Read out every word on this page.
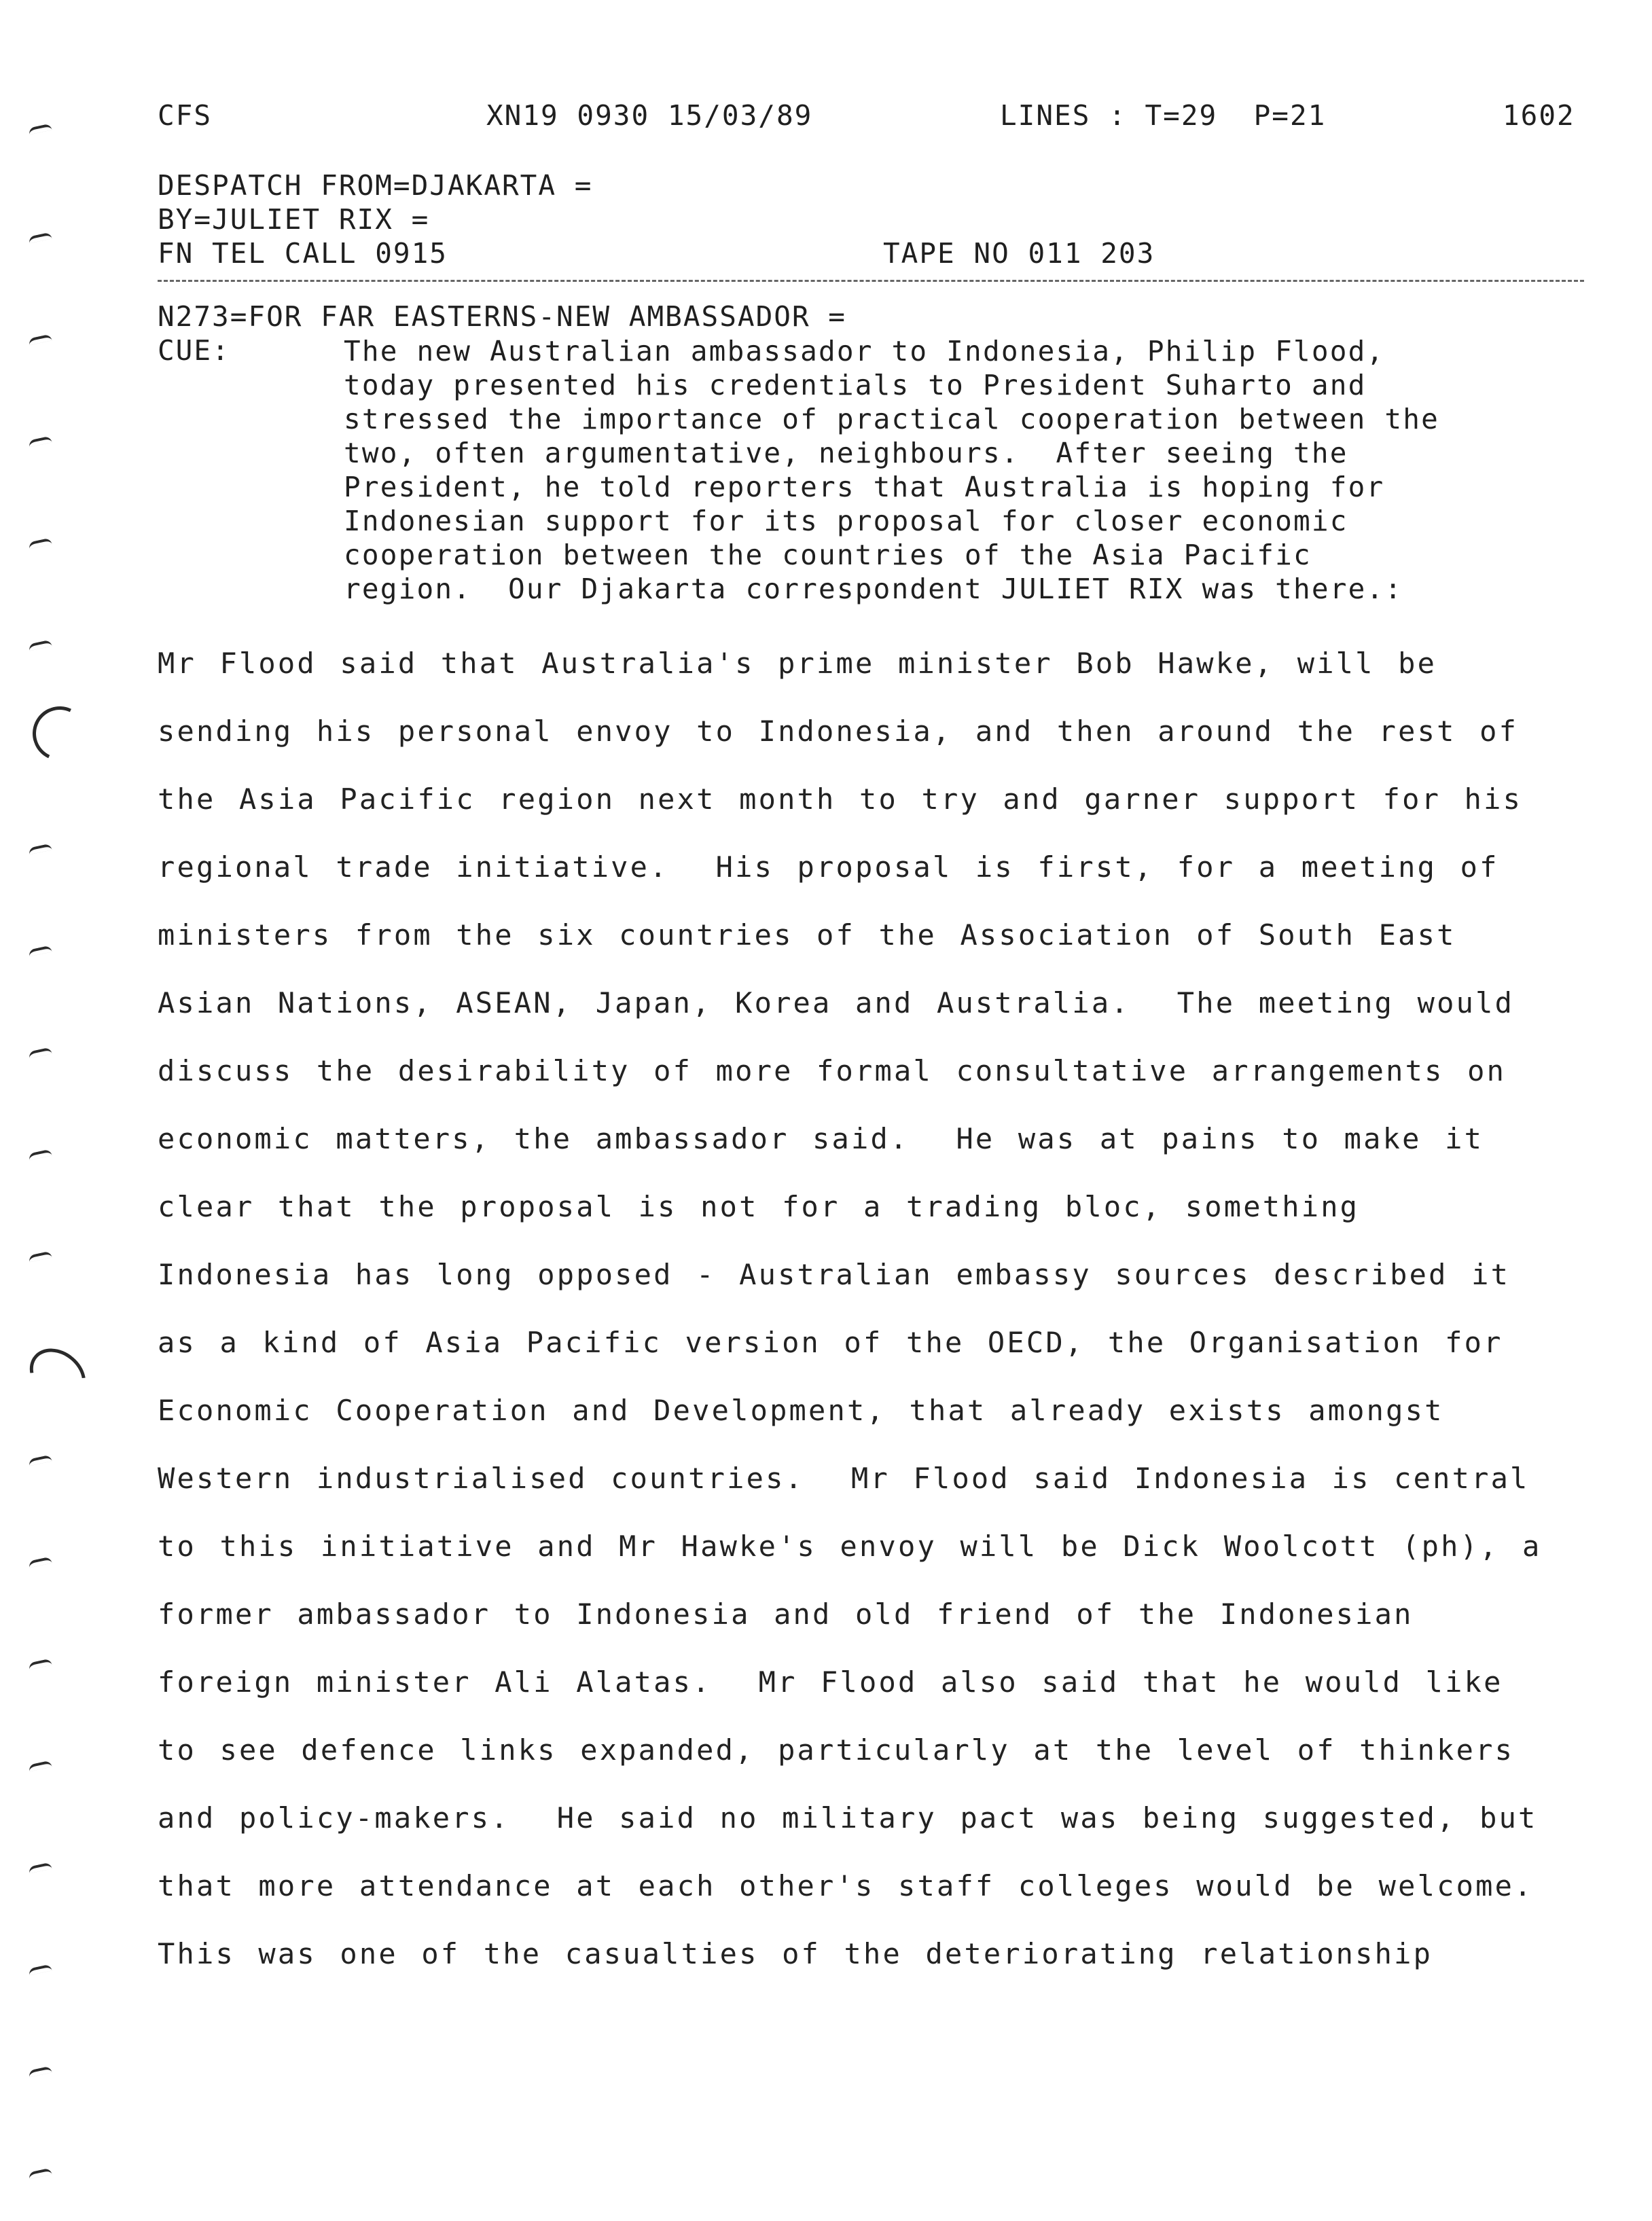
CFS	XN19 0930 15/03/89	LINES : T=29  P=21	1602
DESPATCH FROM=DJAKARTA =
BY=JULIET RIX =
FN TEL CALL 0915	TAPE NO 011 203
N273=FOR FAR EASTERNS-NEW AMBASSADOR =
CUE:	The new Australian ambassador to Indonesia, Philip Flood,
today presented his credentials to President Suharto and
stressed the importance of practical cooperation between the
two, often argumentative, neighbours.  After seeing the
President, he told reporters that Australia is hoping for
Indonesian support for its proposal for closer economic
cooperation between the countries of the Asia Pacific
region.  Our Djakarta correspondent JULIET RIX was there.:
Mr Flood said that Australia's prime minister Bob Hawke, will be
sending his personal envoy to Indonesia, and then around the rest of
the Asia Pacific region next month to try and garner support for his
regional trade initiative.  His proposal is first, for a meeting of
ministers from the six countries of the Association of South East
Asian Nations, ASEAN, Japan, Korea and Australia.  The meeting would
discuss the desirability of more formal consultative arrangements on
economic matters, the ambassador said.  He was at pains to make it
clear that the proposal is not for a trading bloc, something
Indonesia has long opposed - Australian embassy sources described it
as a kind of Asia Pacific version of the OECD, the Organisation for
Economic Cooperation and Development, that already exists amongst
Western industrialised countries.  Mr Flood said Indonesia is central
to this initiative and Mr Hawke's envoy will be Dick Woolcott (ph), a
former ambassador to Indonesia and old friend of the Indonesian
foreign minister Ali Alatas.  Mr Flood also said that he would like
to see defence links expanded, particularly at the level of thinkers
and policy-makers.  He said no military pact was being suggested, but
that more attendance at each other's staff colleges would be welcome.
This was one of the casualties of the deteriorating relationship
